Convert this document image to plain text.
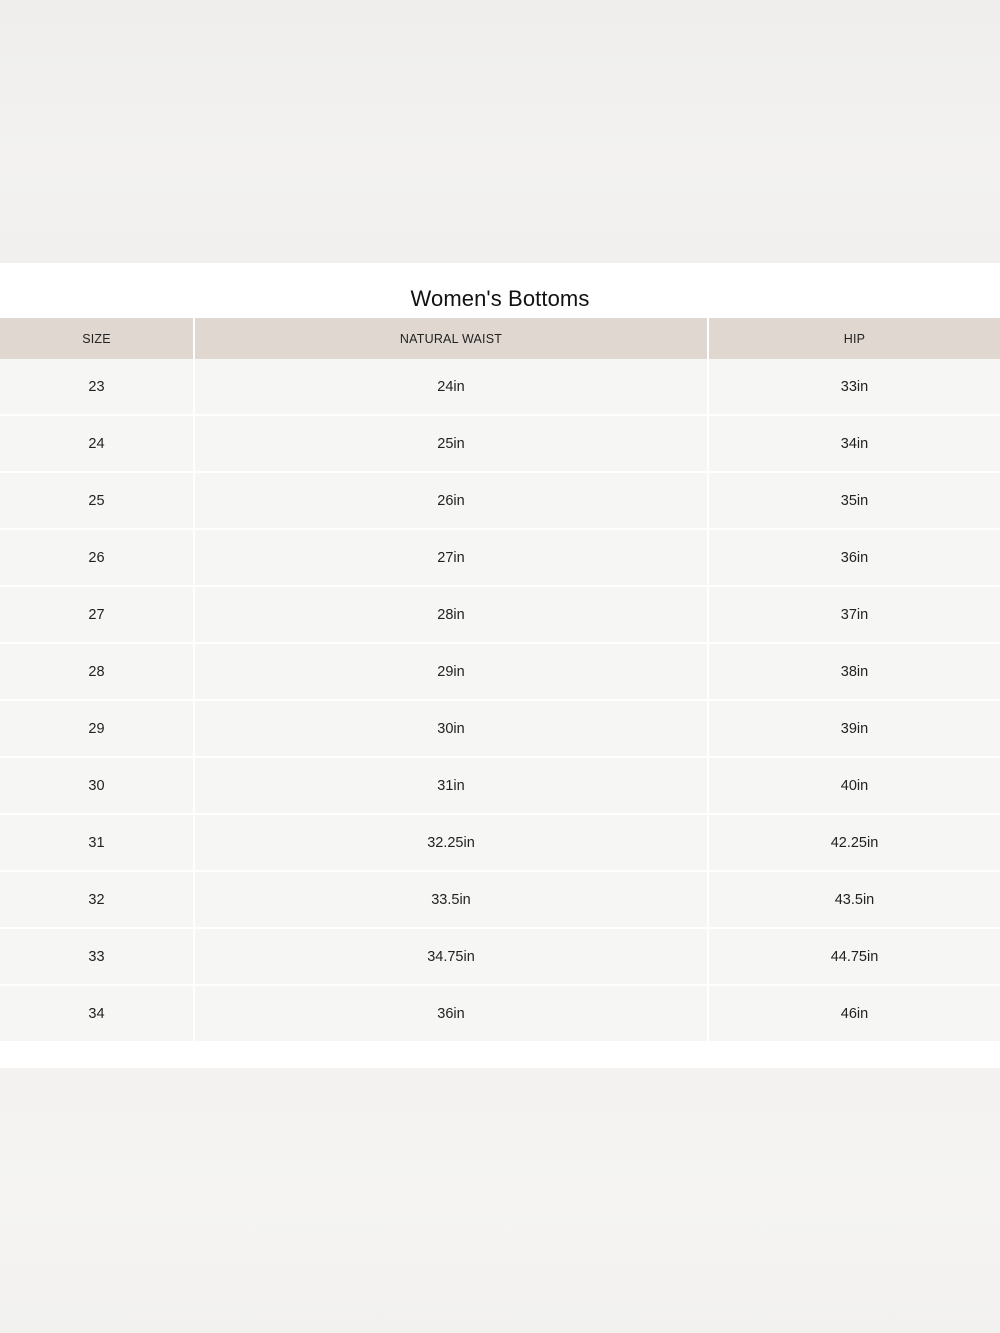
Women's Bottoms
SIZE	NATURAL WAIST	HIP
23	24in	33in
24	25in	34in
25	26in	35in
26	27in	36in
27	28in	37in
28	29in	38in
29	30in	39in
30	31in	40in
31	32.25in	42.25in
32	33.5in	43.5in
33	34.75in	44.75in
34	36in	46in
